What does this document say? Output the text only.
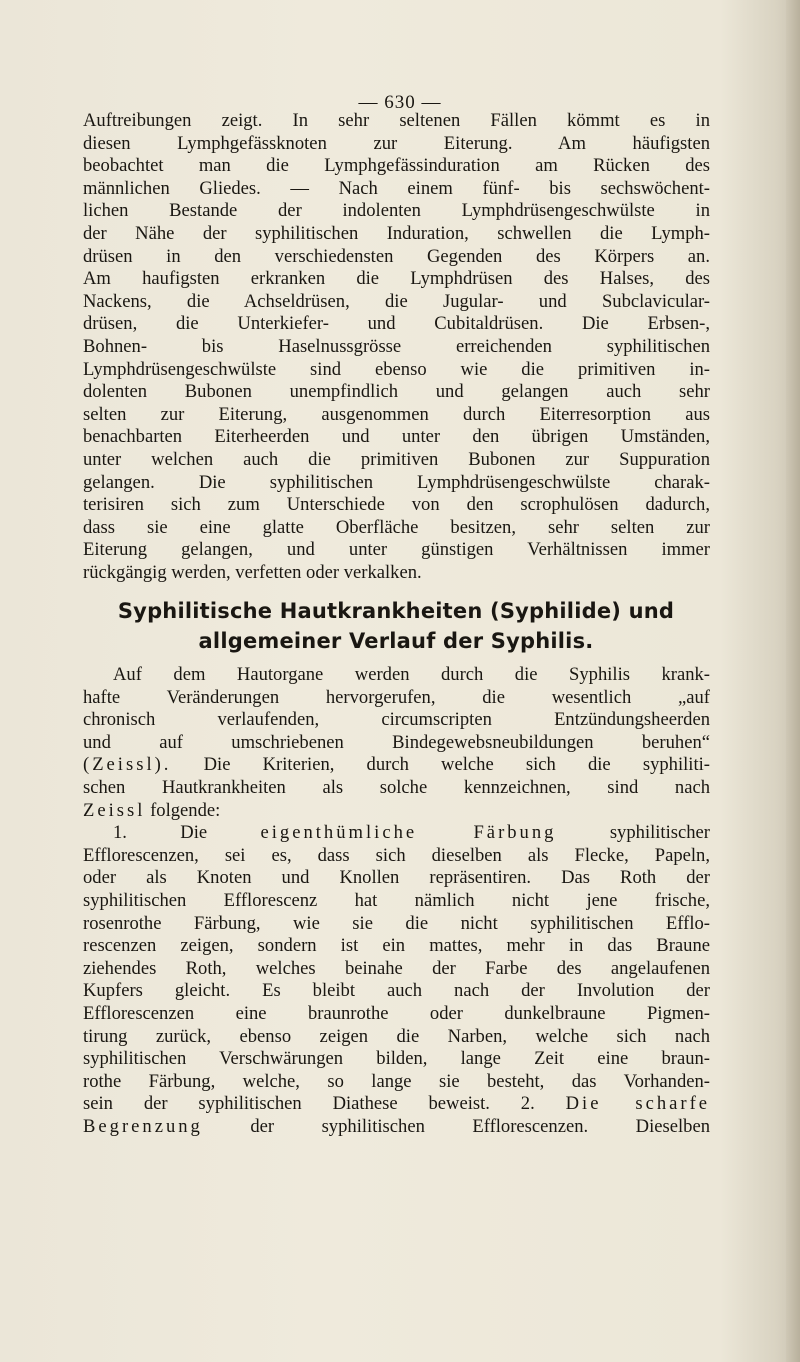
— 630 —
Auftreibungen zeigt. In sehr seltenen Fällen kömmt es in
diesen Lymphgefässknoten zur Eiterung. Am häufigsten
beobachtet man die Lymphgefässinduration am Rücken des
männlichen Gliedes. — Nach einem fünf- bis sechswöchent-
lichen Bestande der indolenten Lymphdrüsengeschwülste in
der Nähe der syphilitischen Induration, schwellen die Lymph-
drüsen in den verschiedensten Gegenden des Körpers an.
Am haufigsten erkranken die Lymphdrüsen des Halses, des
Nackens, die Achseldrüsen, die Jugular- und Subclavicular-
drüsen, die Unterkiefer- und Cubitaldrüsen. Die Erbsen-,
Bohnen- bis Haselnussgrösse erreichenden syphilitischen
Lymphdrüsengeschwülste sind ebenso wie die primitiven in-
dolenten Bubonen unempfindlich und gelangen auch sehr
selten zur Eiterung, ausgenommen durch Eiterresorption aus
benachbarten Eiterheerden und unter den übrigen Umständen,
unter welchen auch die primitiven Bubonen zur Suppuration
gelangen. Die syphilitischen Lymphdrüsengeschwülste charak-
terisiren sich zum Unterschiede von den scrophulösen dadurch,
dass sie eine glatte Oberfläche besitzen, sehr selten zur
Eiterung gelangen, und unter günstigen Verhältnissen immer
rückgängig werden, verfetten oder verkalken.
Syphilitische Hautkrankheiten (Syphilide) und
allgemeiner Verlauf der Syphilis.
Auf dem Hautorgane werden durch die Syphilis krank-
hafte Veränderungen hervorgerufen, die wesentlich „auf
chronisch verlaufenden, circumscripten Entzündungsheerden
und auf umschriebenen Bindegewebsneubildungen beruhen“
(Zeissl). Die Kriterien, durch welche sich die syphiliti-
schen Hautkrankheiten als solche kennzeichnen, sind nach
Zeissl folgende:
1. Die	eigenthümliche Färbung	syphilitischer
Efflorescenzen, sei es, dass sich dieselben als Flecke, Papeln,
oder als Knoten und Knollen repräsentiren. Das Roth der
syphilitischen Efflorescenz hat nämlich nicht jene frische,
rosenrothe Färbung, wie sie die nicht syphilitischen Efflo-
rescenzen zeigen, sondern ist ein mattes, mehr in das Braune
ziehendes Roth, welches beinahe der Farbe des angelaufenen
Kupfers gleicht. Es bleibt auch nach der Involution der
Efflorescenzen eine braunrothe oder dunkelbraune Pigmen-
tirung zurück, ebenso zeigen die Narben, welche sich nach
syphilitischen Verschwärungen bilden, lange Zeit eine braun-
rothe Färbung, welche, so lange sie besteht, das Vorhanden-
sein der syphilitischen Diathese beweist. 2. Die scharfe
Begrenzung	der syphilitischen Efflorescenzen. Dieselben
